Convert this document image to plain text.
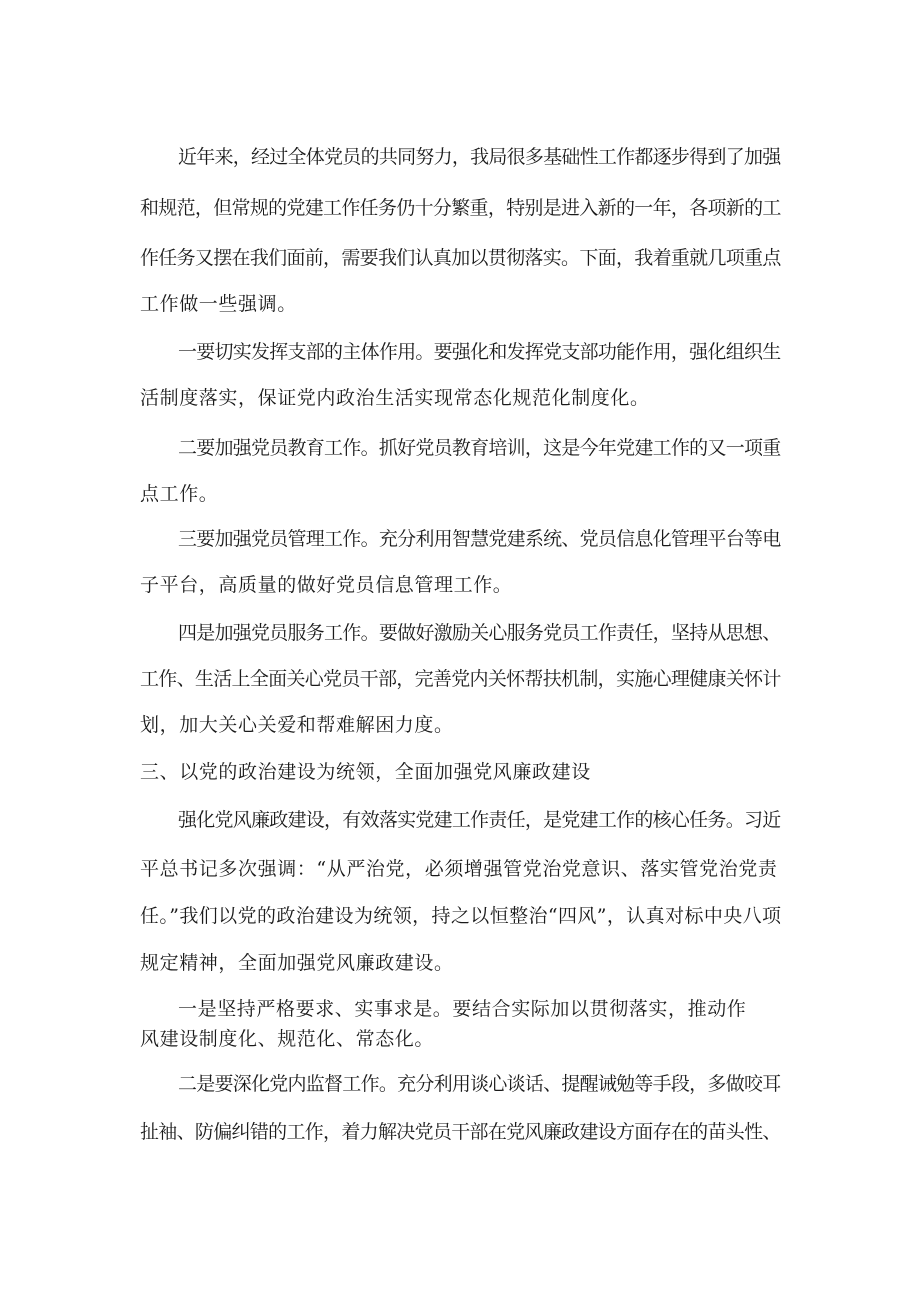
近年来，经过全体党员的共同努力，我局很多基础性工作都逐步得到了加强
和规范，但常规的党建工作任务仍十分繁重，特别是进入新的一年，各项新的工
作任务又摆在我们面前，需要我们认真加以贯彻落实。下面，我着重就几项重点
工作做一些强调。
一要切实发挥支部的主体作用。要强化和发挥党支部功能作用，强化组织生
活制度落实，保证党内政治生活实现常态化规范化制度化。
二要加强党员教育工作。抓好党员教育培训，这是今年党建工作的又一项重
点工作。
三要加强党员管理工作。充分利用智慧党建系统、党员信息化管理平台等电
子平台，高质量的做好党员信息管理工作。
四是加强党员服务工作。要做好激励关心服务党员工作责任，坚持从思想、
工作、生活上全面关心党员干部，完善党内关怀帮扶机制，实施心理健康关怀计
划，加大关心关爱和帮难解困力度。
三、以党的政治建设为统领，全面加强党风廉政建设
强化党风廉政建设，有效落实党建工作责任，是党建工作的核心任务。习近
平总书记多次强调：“从严治党，必须增强管党治党意识、落实管党治党责
任。”我们以党的政治建设为统领，持之以恒整治“四风”，认真对标中央八项
规定精神，全面加强党风廉政建设。
一是坚持严格要求、实事求是。要结合实际加以贯彻落实，推动作
风建设制度化、规范化、常态化。
二是要深化党内监督工作。充分利用谈心谈话、提醒诫勉等手段，多做咬耳
扯袖、防偏纠错的工作，着力解决党员干部在党风廉政建设方面存在的苗头性、
